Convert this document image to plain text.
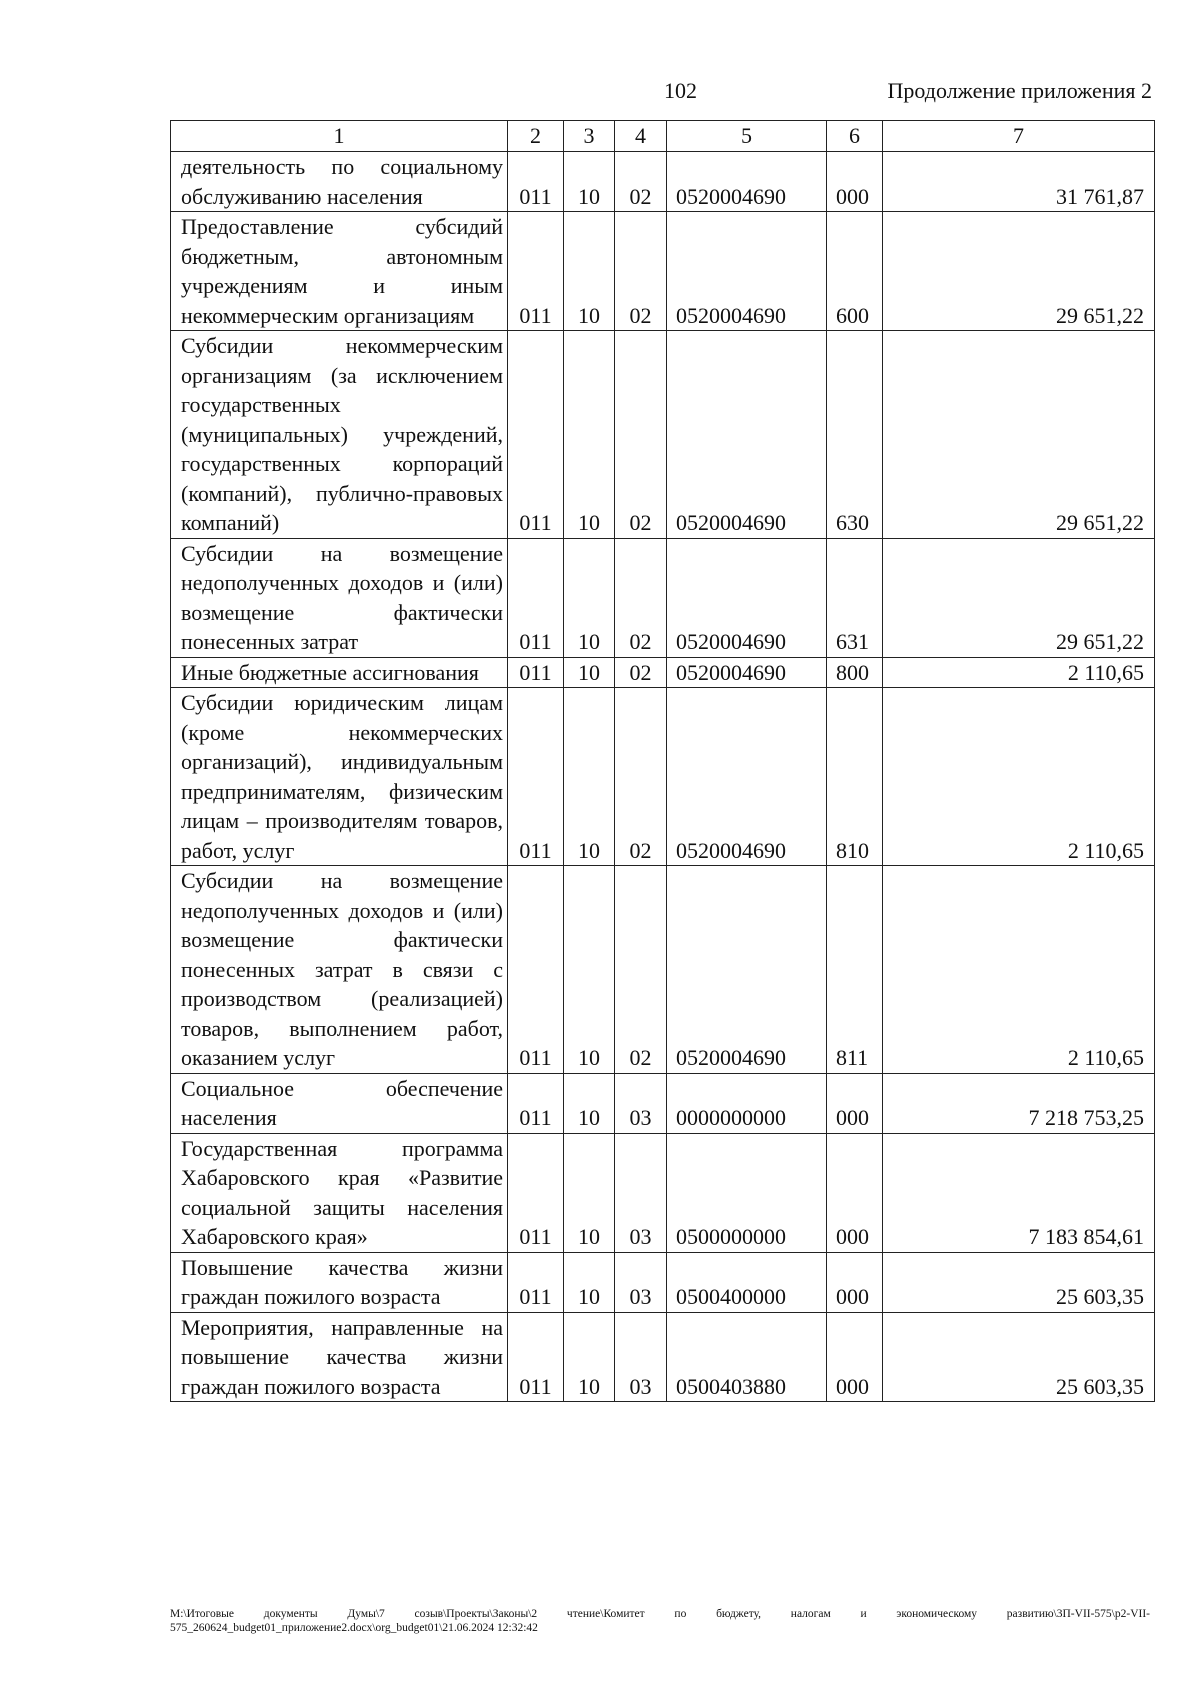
102	Продолжение приложения 2
1	2	3	4	5	6	7
деятельность по социальному обслуживанию населения	011	10	02	0520004690	000	31 761,87
Предоставление субсидий бюджетным, автономным учреждениям и иным некоммерческим организациям	011	10	02	0520004690	600	29 651,22
Субсидии некоммерческим организациям (за исключением государственных (муниципальных) учреждений, государственных корпораций (компаний), публично-правовых компаний)	011	10	02	0520004690	630	29 651,22
Субсидии на возмещение недополученных доходов и (или) возмещение фактически понесенных затрат	011	10	02	0520004690	631	29 651,22
Иные бюджетные ассигнования	011	10	02	0520004690	800	2 110,65
Субсидии юридическим лицам (кроме некоммерческих организаций), индивидуальным предпринимателям, физическим лицам – производителям товаров, работ, услуг	011	10	02	0520004690	810	2 110,65
Субсидии на возмещение недополученных доходов и (или) возмещение фактически понесенных затрат в связи с производством (реализацией) товаров, выполнением работ, оказанием услуг	011	10	02	0520004690	811	2 110,65
Социальное обеспечение населения	011	10	03	0000000000	000	7 218 753,25
Государственная программа Хабаровского края «Развитие социальной защиты населения Хабаровского края»	011	10	03	0500000000	000	7 183 854,61
Повышение качества жизни граждан пожилого возраста	011	10	03	0500400000	000	25 603,35
Мероприятия, направленные на повышение качества жизни граждан пожилого возраста	011	10	03	0500403880	000	25 603,35
M:\Итоговые документы Думы\7 созыв\Проекты\Законы\2 чтение\Комитет по бюджету, налогам и экономическому развитию\3П-VII-575\р2-VII-575_260624_budget01_приложение2.docx\org_budget01\21.06.2024 12:32:42
